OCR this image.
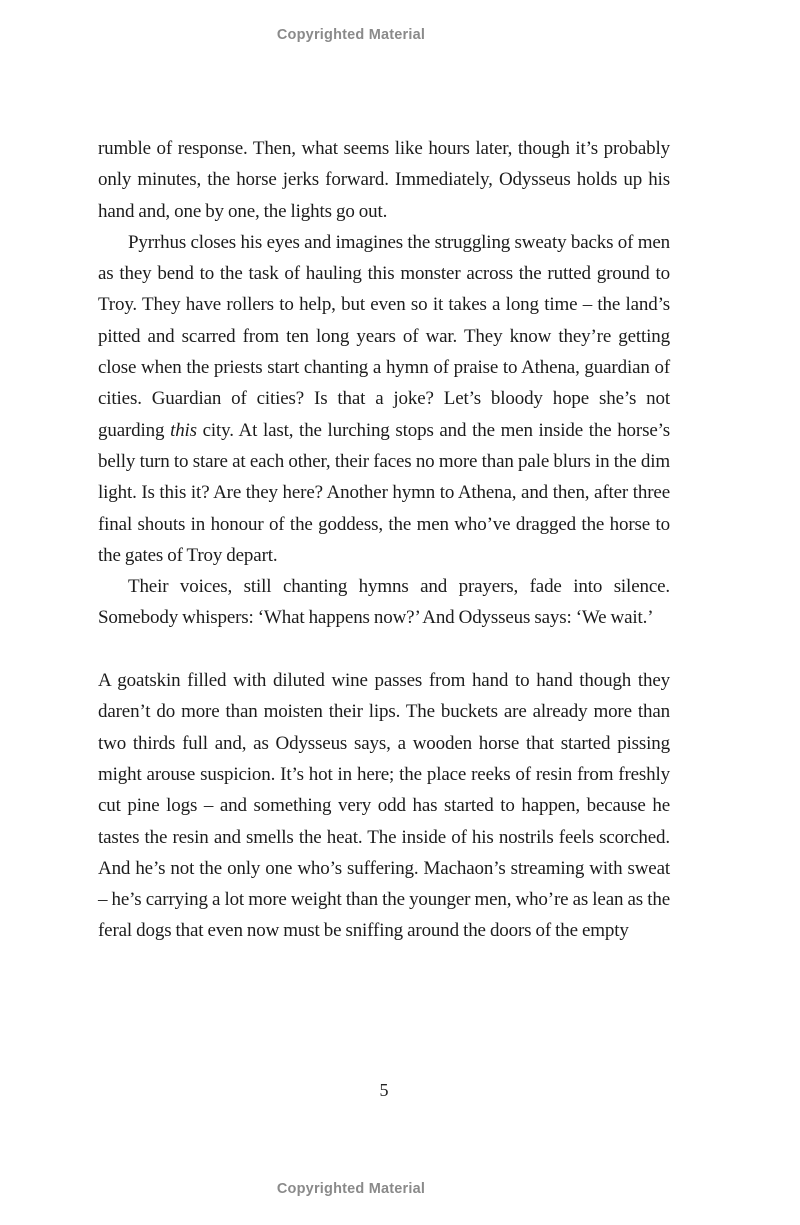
Copyrighted Material

rumble of response. Then, what seems like hours later, though it’s probably only minutes, the horse jerks forward. Immediately, Odysseus holds up his hand and, one by one, the lights go out.

Pyrrhus closes his eyes and imagines the struggling sweaty backs of men as they bend to the task of hauling this monster across the rutted ground to Troy. They have rollers to help, but even so it takes a long time – the land’s pitted and scarred from ten long years of war. They know they’re getting close when the priests start chanting a hymn of praise to Athena, guardian of cities. Guardian of cities? Is that a joke? Let’s bloody hope she’s not guarding this city. At last, the lurching stops and the men inside the horse’s belly turn to stare at each other, their faces no more than pale blurs in the dim light. Is this it? Are they here? Another hymn to Athena, and then, after three final shouts in honour of the goddess, the men who’ve dragged the horse to the gates of Troy depart.

Their voices, still chanting hymns and prayers, fade into silence. Somebody whispers: ‘What happens now?’ And Odysseus says: ‘We wait.’

A goatskin filled with diluted wine passes from hand to hand though they daren’t do more than moisten their lips. The buckets are already more than two thirds full and, as Odysseus says, a wooden horse that started pissing might arouse suspicion. It’s hot in here; the place reeks of resin from freshly cut pine logs – and something very odd has started to happen, because he tastes the resin and smells the heat. The inside of his nostrils feels scorched. And he’s not the only one who’s suffering. Machaon’s streaming with sweat – he’s carrying a lot more weight than the younger men, who’re as lean as the feral dogs that even now must be sniffing around the doors of the empty

5
Copyrighted Material
